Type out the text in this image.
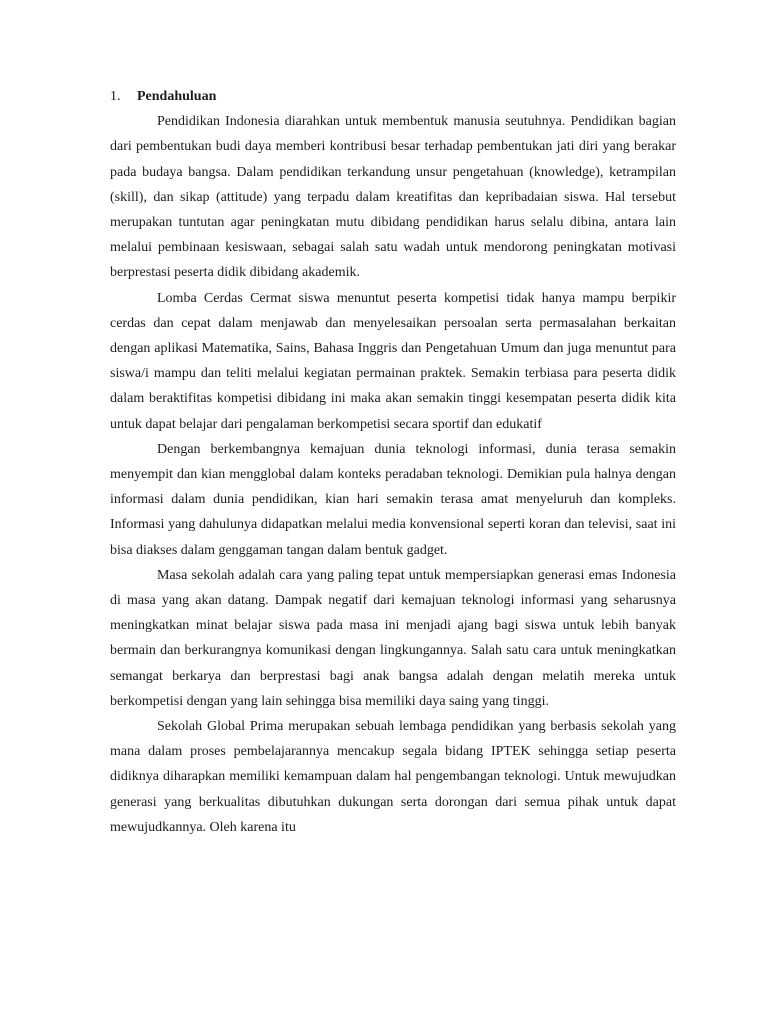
1.	Pendahuluan

Pendidikan Indonesia diarahkan untuk membentuk manusia seutuhnya. Pendidikan bagian dari pembentukan budi daya memberi kontribusi besar terhadap pembentukan jati diri yang berakar pada budaya bangsa. Dalam pendidikan terkandung unsur pengetahuan (knowledge), ketrampilan (skill), dan sikap (attitude) yang terpadu dalam kreatifitas dan kepribadaian siswa. Hal tersebut merupakan tuntutan agar peningkatan mutu dibidang pendidikan harus selalu dibina, antara lain melalui pembinaan kesiswaan, sebagai salah satu wadah untuk mendorong peningkatan motivasi berprestasi peserta didik dibidang akademik.

Lomba Cerdas Cermat siswa menuntut peserta kompetisi tidak hanya mampu berpikir cerdas dan cepat dalam menjawab dan menyelesaikan persoalan serta permasalahan berkaitan dengan aplikasi Matematika, Sains, Bahasa Inggris dan Pengetahuan Umum dan juga menuntut para siswa/i mampu dan teliti melalui kegiatan permainan praktek. Semakin terbiasa para peserta didik dalam beraktifitas kompetisi dibidang ini maka akan semakin tinggi kesempatan peserta didik kita untuk dapat belajar dari pengalaman berkompetisi secara sportif dan edukatif

Dengan berkembangnya kemajuan dunia teknologi informasi, dunia terasa semakin menyempit dan kian mengglobal dalam konteks peradaban teknologi. Demikian pula halnya dengan informasi dalam dunia pendidikan, kian hari semakin terasa amat menyeluruh dan kompleks. Informasi yang dahulunya didapatkan melalui media konvensional seperti koran dan televisi, saat ini bisa diakses dalam genggaman tangan dalam bentuk gadget.

Masa sekolah adalah cara yang paling tepat untuk mempersiapkan generasi emas Indonesia di masa yang akan datang. Dampak negatif dari kemajuan teknologi informasi yang seharusnya meningkatkan minat belajar siswa pada masa ini menjadi ajang bagi siswa untuk lebih banyak bermain dan berkurangnya komunikasi dengan lingkungannya. Salah satu cara untuk meningkatkan semangat berkarya dan berprestasi bagi anak bangsa adalah dengan melatih mereka untuk berkompetisi dengan yang lain sehingga bisa memiliki daya saing yang tinggi.

Sekolah Global Prima merupakan sebuah lembaga pendidikan yang berbasis sekolah yang mana dalam proses pembelajarannya mencakup segala bidang IPTEK sehingga setiap peserta didiknya diharapkan memiliki kemampuan dalam hal pengembangan teknologi. Untuk mewujudkan generasi yang berkualitas dibutuhkan dukungan serta dorongan dari semua pihak untuk dapat mewujudkannya. Oleh karena itu
